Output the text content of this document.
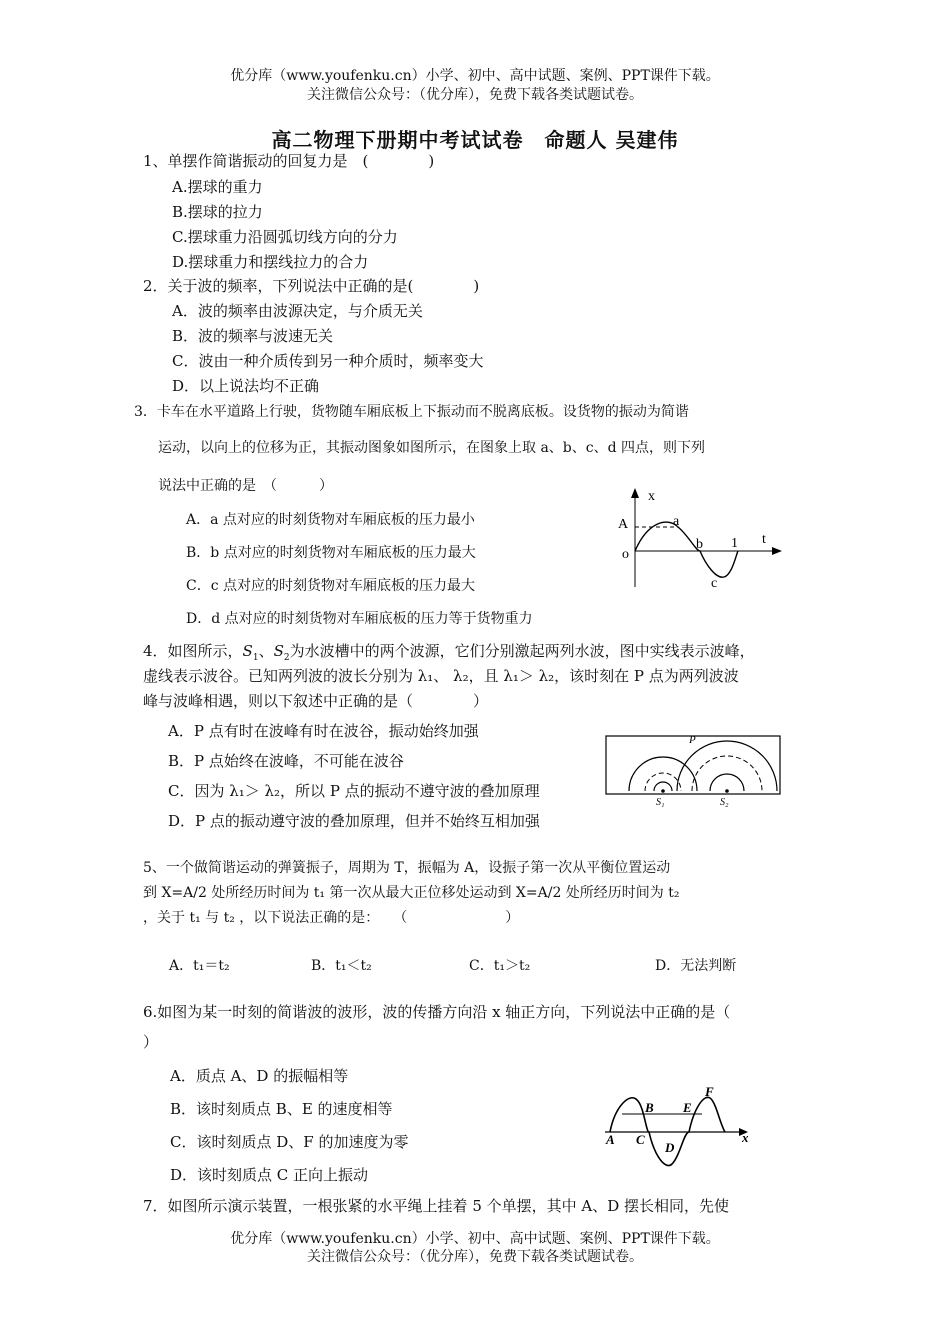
优分库（www.youfenku.cn）小学、初中、高中试题、案例、PPT课件下载。
关注微信公众号：（优分库），免费下载各类试题试卷。
高二物理下册期中考试试卷　命题人 吴建伟
1、单摆作简谐振动的回复力是　(　　　　)
A.摆球的重力
B.摆球的拉力
C.摆球重力沿圆弧切线方向的分力
D.摆球重力和摆线拉力的合力
2．关于波的频率，下列说法中正确的是(　　　　)
A．波的频率由波源决定，与介质无关
B．波的频率与波速无关
C．波由一种介质传到另一种介质时，频率变大
D．以上说法均不正确
3．卡车在水平道路上行驶，货物随车厢底板上下振动而不脱离底板。设货物的振动为简谐
运动，以向上的位移为正，其振动图象如图所示，在图象上取 a、b、c、d 四点，则下列
说法中正确的是　（　　　）
A．a 点对应的时刻货物对车厢底板的压力最小
B．b 点对应的时刻货物对车厢底板的压力最大
C．c 点对应的时刻货物对车厢底板的压力最大
D．d 点对应的时刻货物对车厢底板的压力等于货物重力
x
A	a
b
o
c
1 t
4．如图所示，$S_1$、$S_2$为水波槽中的两个波源，它们分别激起两列水波，图中实线表示波峰，
虚线表示波谷。已知两列波的波长分别为 λ₁、 λ₂，且 λ₁＞ λ₂，该时刻在 P 点为两列波波
峰与波峰相遇，则以下叙述中正确的是（　　　　）
A．P 点有时在波峰有时在波谷，振动始终加强
B．P 点始终在波峰，不可能在波谷
C．因为 λ₁＞ λ₂，所以 P 点的振动不遵守波的叠加原理
D．P 点的振动遵守波的叠加原理，但并不始终互相加强
P
S₁	S₂
5、一个做简谐运动的弹簧振子，周期为 T，振幅为 A，设振子第一次从平衡位置运动
到 X=A/2 处所经历时间为 t₁ 第一次从最大正位移处运动到 X=A/2 处所经历时间为 t₂
，关于 t₁ 与 t₂ ，以下说法正确的是：　　（　　　　　　　）
A．t₁＝t₂	B．t₁＜t₂	C．t₁＞t₂	D．无法判断
6.如图为某一时刻的简谐波的波形，波的传播方向沿 x 轴正方向，下列说法中正确的是（
）
A．质点 A、D 的振幅相等
B．该时刻质点 B、E 的速度相等
C．该时刻质点 D、F 的加速度为零
D．该时刻质点 C 正向上振动
A
B
C
D
E
F
x
7．如图所示演示装置，一根张紧的水平绳上挂着 5 个单摆，其中 A、D 摆长相同，先使
优分库（www.youfenku.cn）小学、初中、高中试题、案例、PPT课件下载。
关注微信公众号：（优分库），免费下载各类试题试卷。
